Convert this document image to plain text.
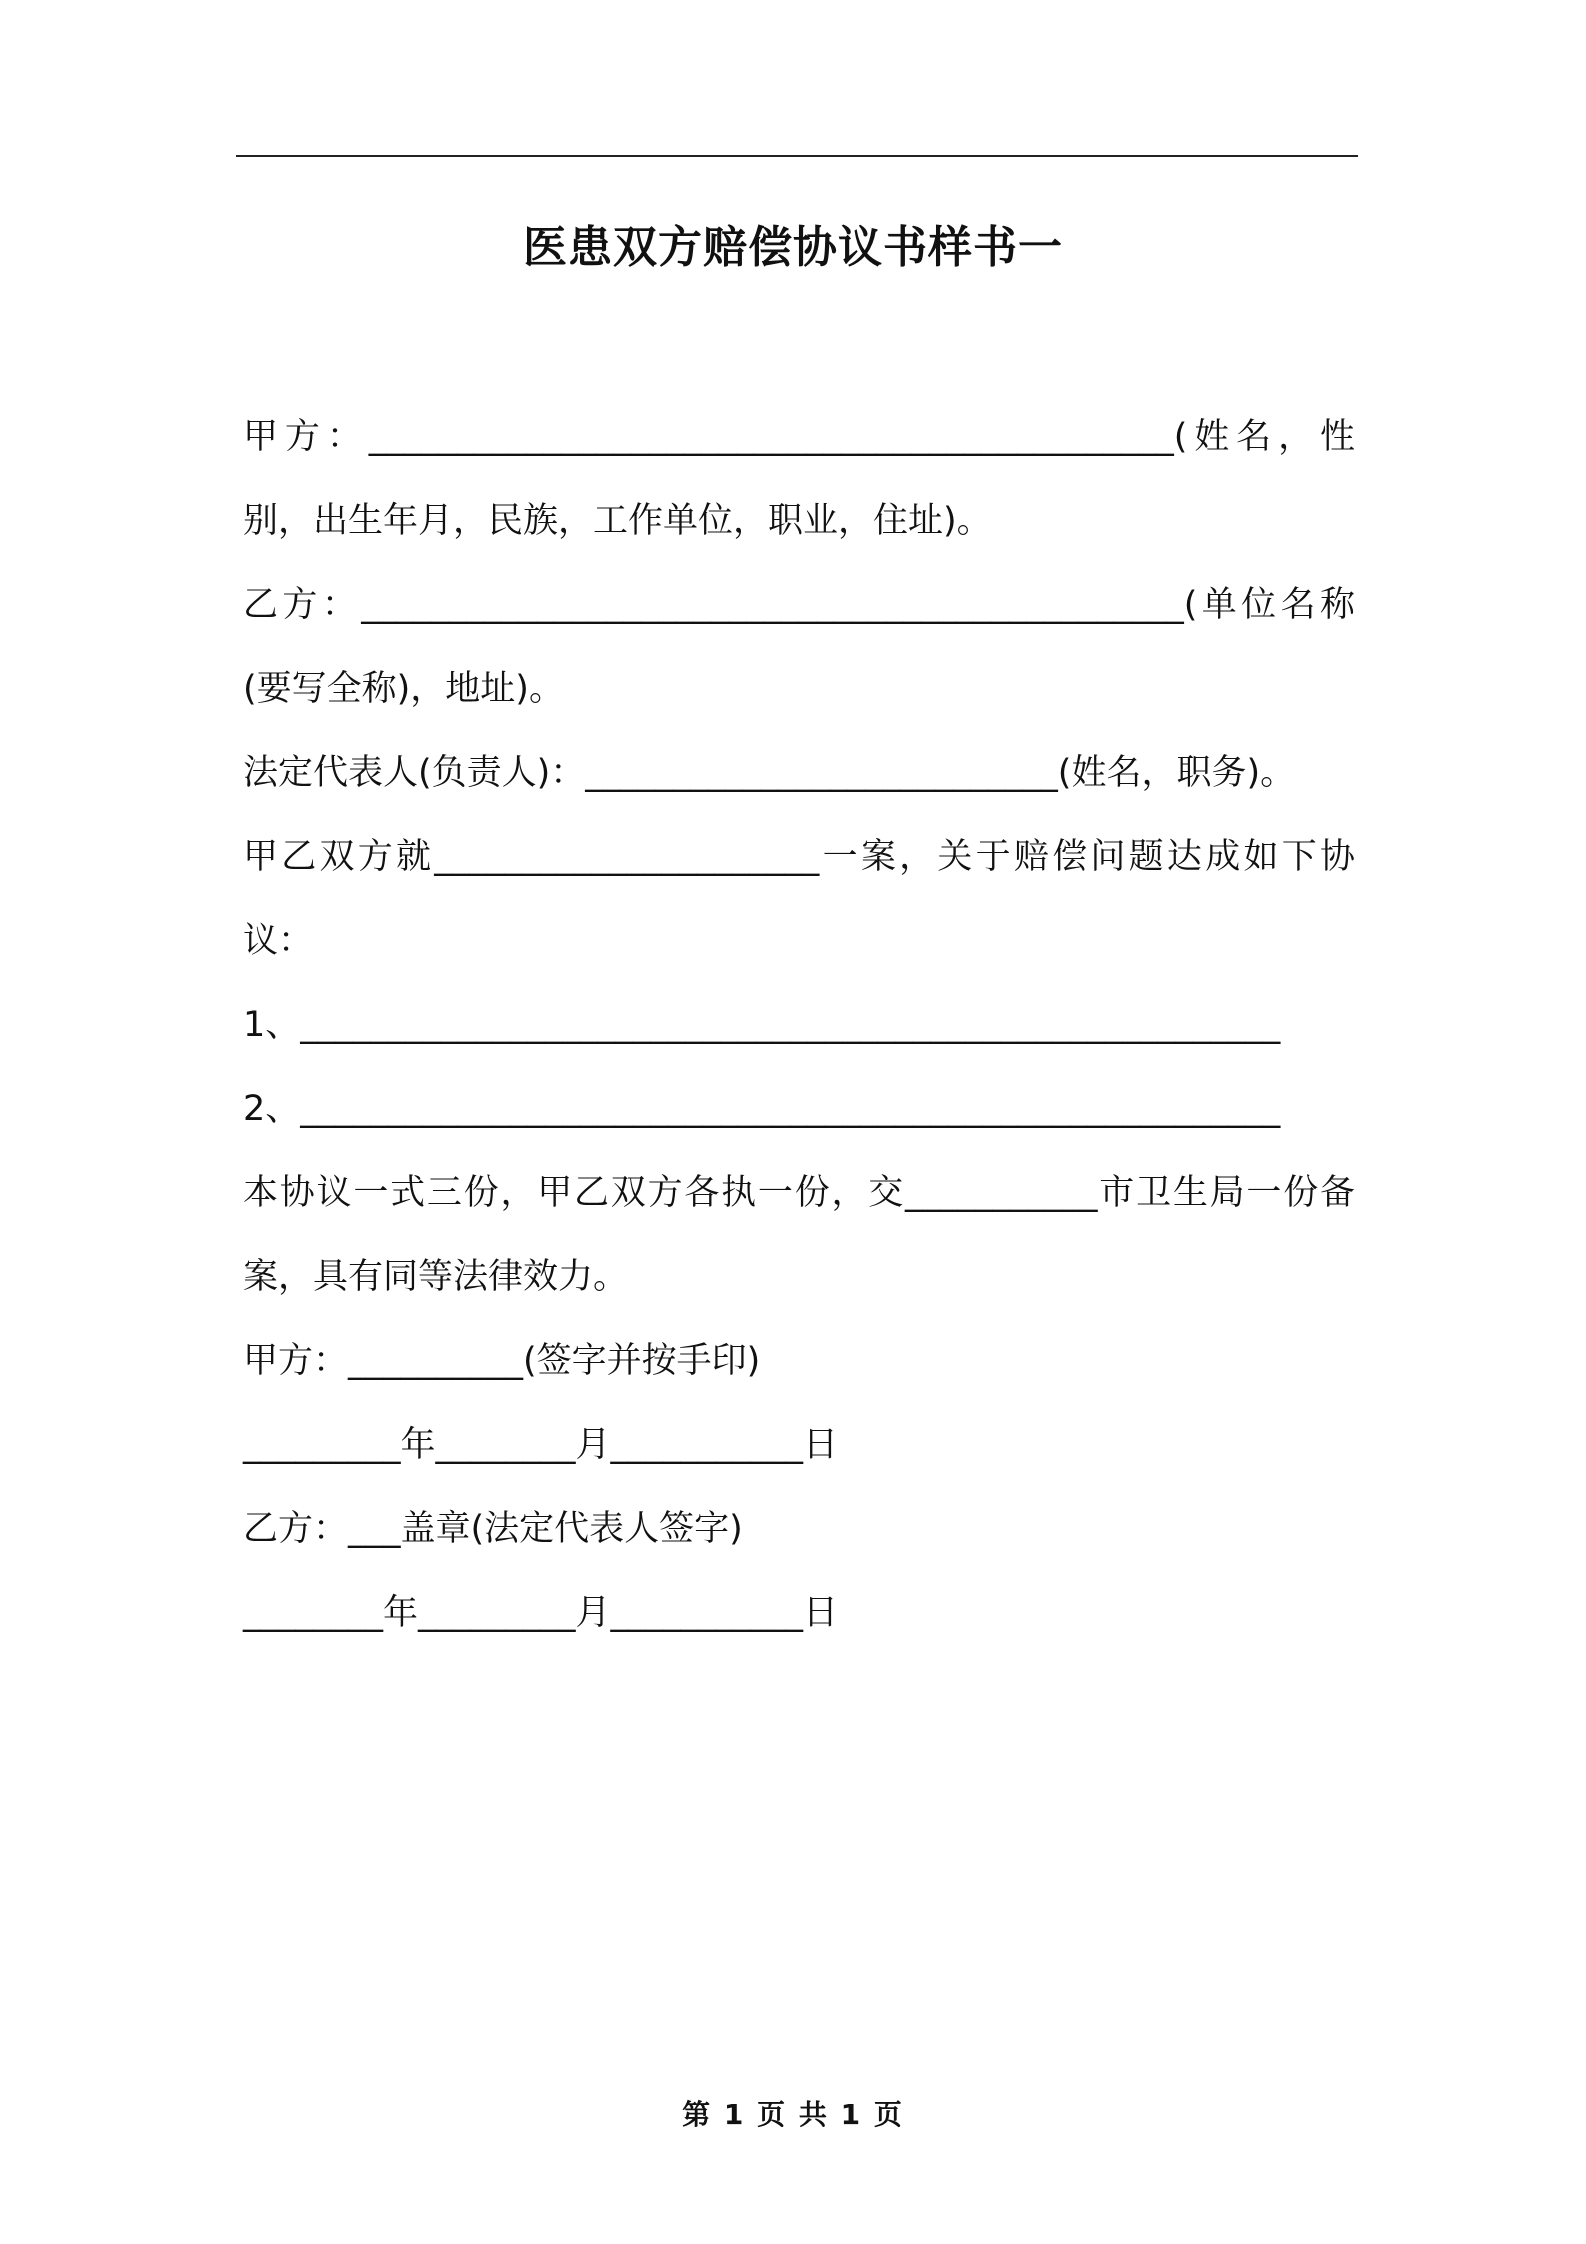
医患双方赔偿协议书样书一

甲方：______________________________________________(姓名，性别，出生年月，民族，工作单位，职业，住址)。

乙方：_______________________________________________(单位名称(要写全称)，地址)。

法定代表人(负责人)：___________________________(姓名，职务)。

甲乙双方就______________________一案，关于赔偿问题达成如下协议：

1、________________________________________________________

2、________________________________________________________

本协议一式三份，甲乙双方各执一份，交___________市卫生局一份备案，具有同等法律效力。

甲方：__________(签字并按手印)

_________年________月___________日

乙方：___盖章(法定代表人签字)

________年_________月___________日

第 1 页 共 1 页
